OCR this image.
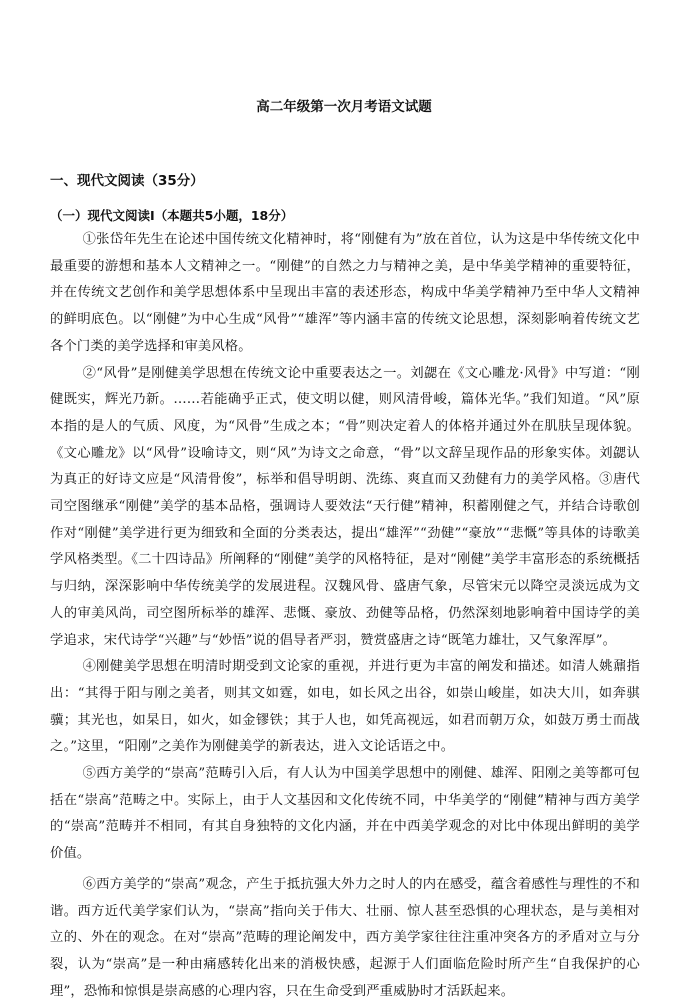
高二年级第一次月考语文试题
一、现代文阅读（35分）
（一）现代文阅读Ⅰ（本题共5小题，18分）

①张岱年先生在论述中国传统文化精神时，将“刚健有为”放在首位，认为这是中华传统文化中最重要的游想和基本人文精神之一。“刚健”的自然之力与精神之美，是中华美学精神的重要特征，并在传统文艺创作和美学思想体系中呈现出丰富的表述形态，构成中华美学精神乃至中华人文精神的鲜明底色。以“刚健”为中心生成“风骨”“雄浑”等内涵丰富的传统文论思想，深刻影响着传统文艺各个门类的美学选择和审美风格。

②“风骨”是刚健美学思想在传统文论中重要表达之一。刘勰在《文心雕龙·风骨》中写道：“刚健既实，辉光乃新。……若能确乎正式，使文明以健，则风清骨峻，篇体光华。”我们知道。“风”原本指的是人的气质、风度，为“风骨”生成之本；“骨”则决定着人的体格并通过外在肌肤呈现体貌。《文心雕龙》以“风骨”设喻诗文，则“风”为诗文之命意，“骨”以文辞呈现作品的形象实体。刘勰认为真正的好诗文应是“风清骨俊”，标举和倡导明朗、洗练、爽直而又劲健有力的美学风格。③唐代司空图继承“刚健”美学的基本品格，强调诗人要效法“天行健”精神，积蓄刚健之气，并结合诗歌创作对“刚健”美学进行更为细致和全面的分类表达，提出“雄浑”“劲健”“豪放”“悲慨”等具体的诗歌美学风格类型。《二十四诗品》所阐释的“刚健”美学的风格特征，是对“刚健”美学丰富形态的系统概括与归纳，深深影响中华传统美学的发展进程。汉魏风骨、盛唐气象，尽管宋元以降空灵淡远成为文人的审美风尚，司空图所标举的雄浑、悲慨、豪放、劲健等品格，仍然深刻地影响着中国诗学的美学追求，宋代诗学“兴趣”与“妙悟”说的倡导者严羽，赞赏盛唐之诗“既笔力雄壮，又气象浑厚”。

④刚健美学思想在明清时期受到文论家的重视，并进行更为丰富的阐发和描述。如清人姚鼐指出：“其得于阳与刚之美者，则其文如霆，如电，如长风之出谷，如崇山峻崖，如决大川，如奔骐骥；其光也，如杲日，如火，如金镠铁；其于人也，如凭高视远，如君而朝万众，如鼓万勇士而战之。”这里，“阳刚”之美作为刚健美学的新表达，进入文论话语之中。

⑤西方美学的“崇高”范畴引入后，有人认为中国美学思想中的刚健、雄浑、阳刚之美等都可包括在“崇高”范畴之中。实际上，由于人文基因和文化传统不同，中华美学的“刚健”精神与西方美学的“崇高”范畴并不相同，有其自身独特的文化内涵，并在中西美学观念的对比中体现出鲜明的美学价值。

⑥西方美学的“崇高”观念，产生于抵抗强大外力之时人的内在感受，蕴含着感性与理性的不和谐。西方近代美学家们认为，“崇高”指向关于伟大、壮丽、惊人甚至恐惧的心理状态，是与美相对立的、外在的观念。在对“崇高”范畴的理论阐发中，西方美学家往往注重冲突各方的矛盾对立与分裂，认为“崇高”是一种由痛感转化出来的消极快感，起源于人们面临危险时所产生“自我保护的心理”，恐怖和惊惧是崇高感的心理内容，只在生命受到严重威胁时才活跃起来。
